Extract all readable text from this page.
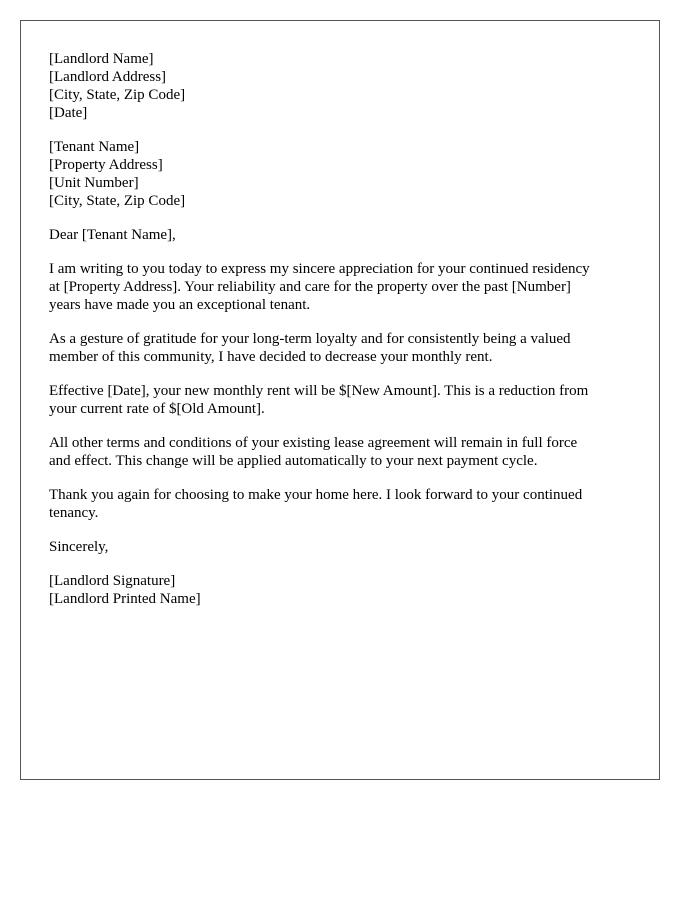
[Landlord Name]
[Landlord Address]
[City, State, Zip Code]
[Date]
[Tenant Name]
[Property Address]
[Unit Number]
[City, State, Zip Code]
Dear [Tenant Name],
I am writing to you today to express my sincere appreciation for your continued residency
at [Property Address]. Your reliability and care for the property over the past [Number]
years have made you an exceptional tenant.
As a gesture of gratitude for your long-term loyalty and for consistently being a valued
member of this community, I have decided to decrease your monthly rent.
Effective [Date], your new monthly rent will be $[New Amount]. This is a reduction from
your current rate of $[Old Amount].
All other terms and conditions of your existing lease agreement will remain in full force
and effect. This change will be applied automatically to your next payment cycle.
Thank you again for choosing to make your home here. I look forward to your continued
tenancy.
Sincerely,
[Landlord Signature]
[Landlord Printed Name]
